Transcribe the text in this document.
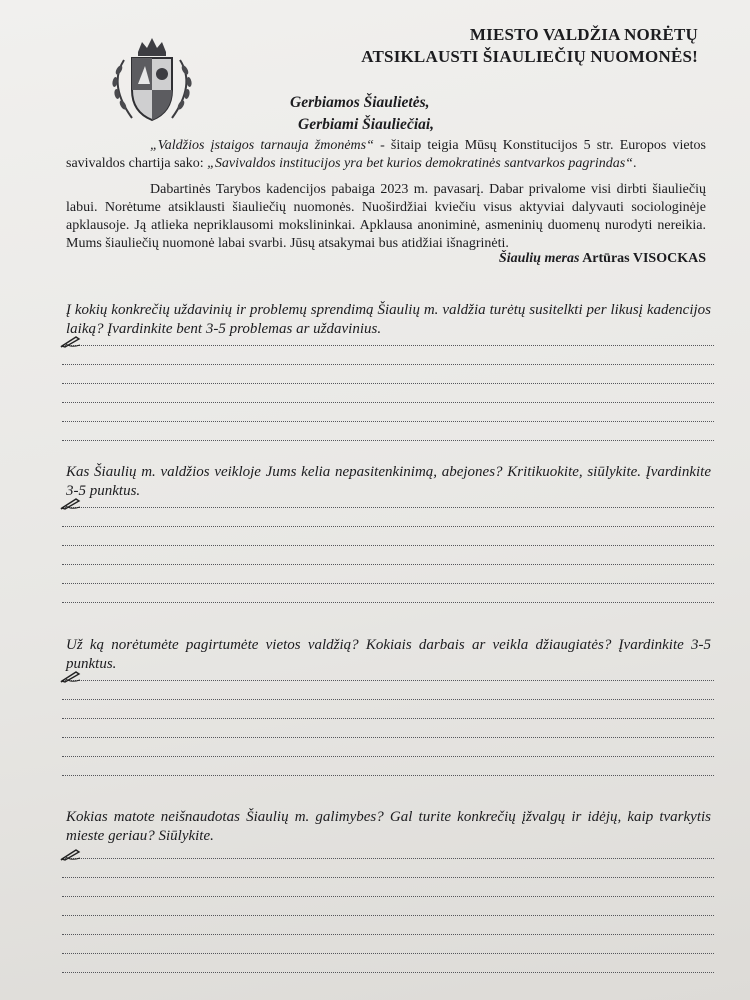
MIESTO VALDŽIA NORĖTŲ
ATSIKLAUSTI ŠIAULIEČIŲ NUOMONĖS!
Gerbiamos Šiaulietės,
Gerbiami Šiauliečiai,
„Valdžios įstaigos tarnauja žmonėms“ - šitaip teigia Mūsų Konstitucijos 5 str. Europos vietos savivaldos chartija sako: „Savivaldos institucijos yra bet kurios demokratinės santvarkos pagrindas“.
Dabartinės Tarybos kadencijos pabaiga 2023 m. pavasarį. Dabar privalome visi dirbti šiauliečių labui. Norėtume atsiklausti šiauliečių nuomonės. Nuoširdžiai kviečiu visus aktyviai dalyvauti sociologinėje apklausoje. Ją atlieka nepriklausomi mokslininkai. Apklausa anoniminė, asmeninių duomenų nurodyti nereikia. Mums šiauliečių nuomonė labai svarbi. Jūsų atsakymai bus atidžiai išnagrinėti.
Šiaulių meras Artūras VISOCKAS
Į kokių konkrečių uždavinių ir problemų sprendimą Šiaulių m. valdžia turėtų susitelkti per likusį kadencijos laiką? Įvardinkite bent 3-5 problemas ar uždavinius.
Kas Šiaulių m. valdžios veikloje Jums kelia nepasitenkinimą, abejones? Kritikuokite, siūlykite. Įvardinkite 3-5 punktus.
Už ką norėtumėte pagirtumėte vietos valdžią? Kokiais darbais ar veikla džiaugiatės? Įvardinkite 3-5 punktus.
Kokias matote neišnaudotas Šiaulių m. galimybes? Gal turite konkrečių įžvalgų ir idėjų, kaip tvarkytis mieste geriau? Siūlykite.
